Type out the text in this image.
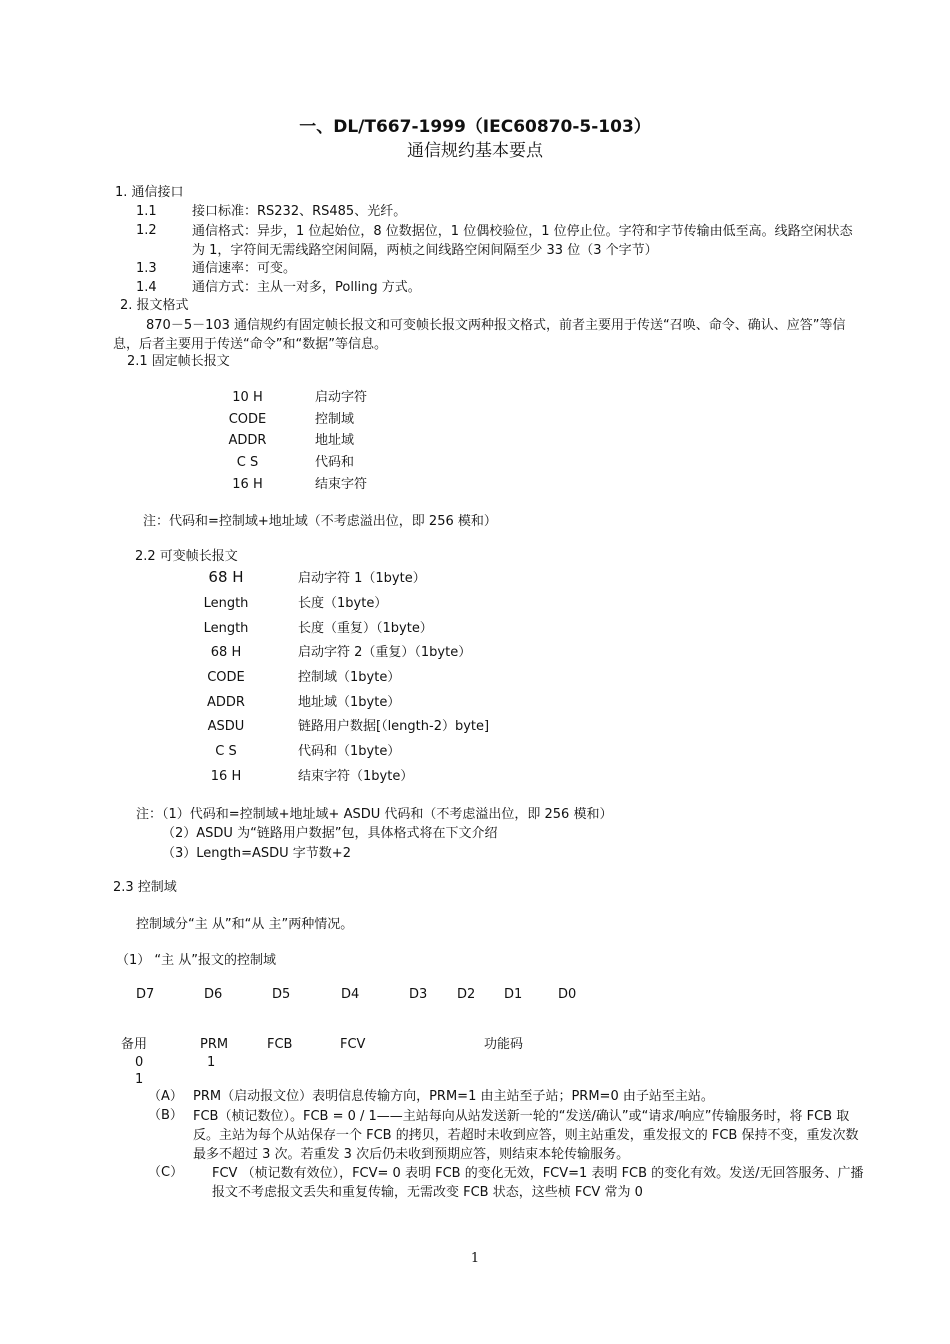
一、DL/T667-1999（IEC60870-5-103）
通信规约基本要点
1. 通信接口
1.1	接口标准：RS232、RS485、光纤。
1.2	通信格式：异步，1 位起始位，8 位数据位，1 位偶校验位，1 位停止位。字符和字节传输由低至高。线路空闲状态为 1，字符间无需线路空闲间隔，两桢之间线路空闲间隔至少 33 位（3 个字节）
1.3	通信速率：可变。
1.4	通信方式：主从一对多，Polling 方式。
2. 报文格式
870－5－103 通信规约有固定帧长报文和可变帧长报文两种报文格式，前者主要用于传送“召唤、命令、确认、应答”等信息，后者主要用于传送“命令”和“数据”等信息。
2.1 固定帧长报文
10 H	启动字符
CODE	控制域
ADDR	地址域
C S	代码和
16 H	结束字符
注：代码和=控制域+地址域（不考虑溢出位，即 256 模和）
2.2 可变帧长报文
68 H	启动字符 1（1byte）
Length	长度（1byte）
Length	长度（重复）（1byte）
68 H	启动字符 2（重复）（1byte）
CODE	控制域（1byte）
ADDR	地址域（1byte）
ASDU	链路用户数据[（length-2）byte]
C S	代码和（1byte）
16 H	结束字符（1byte）
注：（1）代码和=控制域+地址域+ ASDU 代码和（不考虑溢出位，即 256 模和）
（2）ASDU 为“链路用户数据”包，具体格式将在下文介绍
（3）Length=ASDU 字节数+2
2.3 控制域
控制域分“主 从”和“从 主”两种情况。
（1） “主 从”报文的控制域
D7	D6	D5	D4	D3 D2 D1	D0
备用	PRM	FCB	FCV	功能码
0	1
1
（A） PRM（启动报文位）表明信息传输方向，PRM=1 由主站至子站；PRM=0 由子站至主站。
（B） FCB（桢记数位）。FCB = 0 / 1——主站每向从站发送新一轮的“发送/确认”或“请求/响应”传输服务时，将 FCB 取反。主站为每个从站保存一个 FCB 的拷贝，若超时未收到应答，则主站重发，重发报文的 FCB 保持不变，重发次数最多不超过 3 次。若重发 3 次后仍未收到预期应答，则结束本轮传输服务。
（C） FCV （桢记数有效位），FCV= 0 表明 FCB 的变化无效，FCV=1 表明 FCB 的变化有效。发送/无回答服务、广播报文不考虑报文丢失和重复传输，无需改变 FCB 状态，这些桢 FCV 常为 0
1
